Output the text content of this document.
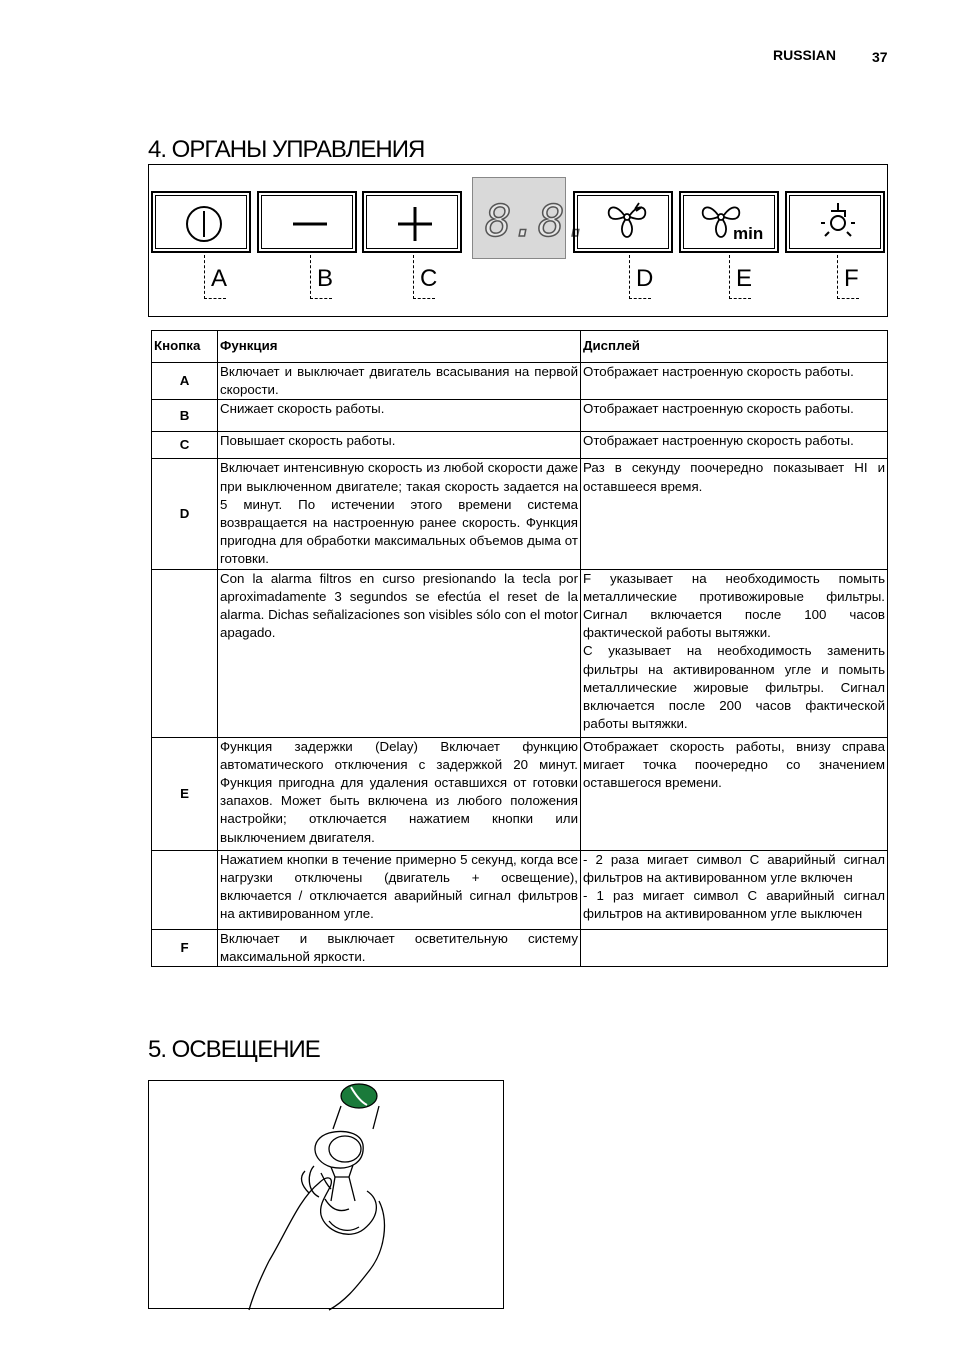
RUSSIAN	37
4. ОРГАНЫ УПРАВЛЕНИЯ
8.8.	min
A	B	C	D	E	F
Кнопка	Функция	Дисплей
A	Включает и выключает двигатель всасывания на первой скорости.	Отображает настроенную скорость работы.
B	Снижает скорость работы.	Отображает настроенную скорость работы.
C	Повышает скорость работы.	Отображает настроенную скорость работы.
D	Включает интенсивную скорость из любой скорости даже при выключенном двигателе; такая скорость задается на 5 минут. По истечении этого времени система возвращается на настроенную ранее скорость. Функция пригодна для обработки максимальных объемов дыма от готовки.	Раз в секунду поочередно показывает HI и оставшееся время.
	Con la alarma filtros en curso presionando la tecla por aproximadamente 3 segundos se efectúa el reset de la alarma. Dichas señalizaciones son visibles sólo con el motor apagado.	F указывает на необходимость помыть металлические противожировые фильтры. Сигнал включается после 100 часов фактической работы вытяжки.
С указывает на необходимость заменить фильтры на активированном угле и помыть металлические жировые фильтры. Сигнал включается после 200 часов фактической работы вытяжки.
E	Функция задержки (Delay) Включает функцию автоматического отключения с задержкой 20 минут. Функция пригодна для удаления оставшихся от готовки запахов. Может быть включена из любого положения настройки; отключается нажатием кнопки или выключением двигателя.	Отображает скорость работы, внизу справа мигает точка поочередно со значением оставшегося времени.
	Нажатием кнопки в течение примерно 5 секунд, когда все нагрузки отключены (двигатель + освещение), включается / отключается аварийный сигнал фильтров на активированном угле.	- 2 раза мигает символ С аварийный сигнал фильтров на активированном угле включен
- 1 раз мигает символ С аварийный сигнал фильтров на активированном угле выключен
F	Включает и выключает осветительную систему максимальной яркости.	
5. ОСВЕЩЕНИЕ
